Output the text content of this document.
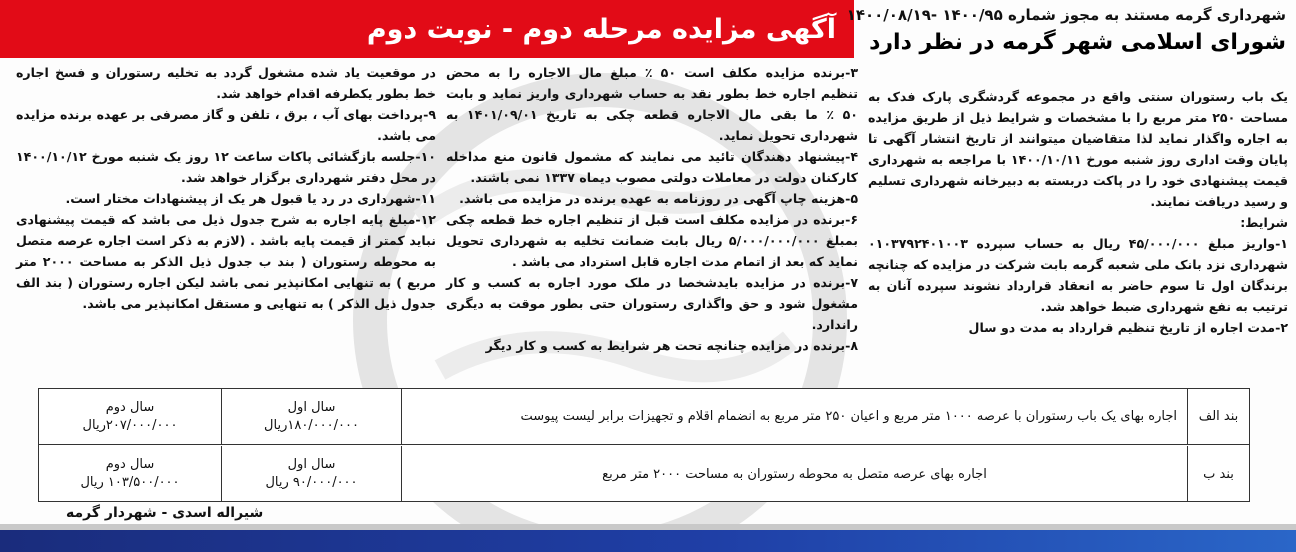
آگهی مزایده مرحله دوم - نوبت دوم شهرداری گرمه مستند به مجوز شماره ۱۴۰۰/۹۵ -۱۴۰۰/۰۸/۱۹
شورای اسلامی شهر گرمه در نظر دارد

یک باب رستوران سنتی واقع در مجموعه گردشگری پارک فدک به مساحت ۲۵۰ متر مربع را با مشخصات و شرایط ذیل از طریق مزایده به اجاره واگذار نماید لذا متقاضیان میتوانند از تاریخ انتشار آگهی تا پایان وقت اداری روز شنبه مورخ ۱۴۰۰/۱۰/۱۱ با مراجعه به شهرداری قیمت پیشنهادی خود را در پاکت دربسته به دبیرخانه شهرداری تسلیم و رسید دریافت نمایند.

شرایط:

۱-واریز مبلغ ۴۵/۰۰۰/۰۰۰ ریال به حساب سپرده ۰۱۰۳۷۹۲۴۰۱۰۰۳ شهرداری نزد بانک ملی شعبه گرمه بابت شرکت در مزایده که چنانچه برندگان اول تا سوم حاضر به انعقاد قرارداد نشوند سپرده آنان به ترتیب به نفع شهرداری ضبط خواهد شد.

۲-مدت اجاره از تاریخ تنظیم قرارداد به مدت دو سال

۳-برنده مزایده مکلف است ۵۰ ٪ مبلغ مال الاجاره را به محض تنظیم اجاره خط بطور نقد به حساب شهرداری واریز نماید و بابت ۵۰ ٪ ما بقی مال الاجاره قطعه چکی به تاریخ ۱۴۰۱/۰۹/۰۱ به شهرداری تحویل نماید.

۴-پیشنهاد دهندگان تائید می نمایند که مشمول قانون منع مداخله کارکنان دولت در معاملات دولتی مصوب دیماه ۱۳۳۷ نمی باشند.

۵-هزینه چاپ آگهی در روزنامه به عهده برنده در مزایده می باشد.

۶-برنده در مزایده مکلف است قبل از تنظیم اجاره خط قطعه چکی بمبلغ ۵/۰۰۰/۰۰۰/۰۰۰ ریال بابت ضمانت تخلیه به شهرداری تحویل نماید که بعد از اتمام مدت اجاره قابل استرداد می باشد .

۷-برنده در مزایده بایدشخصا در ملک مورد اجاره به کسب و کار مشغول شود و حق واگذاری رستوران حتی بطور موقت به دیگری راندارد.

۸-برنده در مزایده چنانچه تحت هر شرایط به کسب و کار دیگر

در موقعیت یاد شده مشغول گردد به تخلیه رستوران و فسخ اجاره خط بطور یکطرفه اقدام خواهد شد.

۹-پرداخت بهای آب ، برق ، تلفن و گاز مصرفی بر عهده برنده مزایده می باشد.

۱۰-جلسه بازگشائی پاکات ساعت ۱۲ روز یک شنبه مورخ ۱۴۰۰/۱۰/۱۲ در محل دفتر شهرداری برگزار خواهد شد.

۱۱-شهرداری در رد یا قبول هر یک از پیشنهادات مختار است.

۱۲-مبلغ پایه اجاره به شرح جدول ذیل می باشد که قیمت پیشنهادی نباید کمتر از قیمت پایه باشد . (لازم به ذکر است اجاره عرصه متصل به محوطه رستوران ( بند ب جدول ذیل الذکر به مساحت ۲۰۰۰ متر مربع ) به تنهایی امکانپذیر نمی باشد لیکن اجاره رستوران ( بند الف جدول ذیل الذکر ) به تنهایی و مستقل امکانپذیر می باشد.

بند الف
اجاره بهای یک باب رستوران با عرصه ۱۰۰۰ متر مربع و اعیان ۲۵۰ متر مربع به انضمام اقلام و تجهیزات برابر لیست پیوست
سال اول
۱۸۰/۰۰۰/۰۰۰ریال
سال دوم
۲۰۷/۰۰۰/۰۰۰ریال
بند ب
اجاره بهای عرصه متصل به محوطه رستوران به مساحت ۲۰۰۰ متر مربع
سال اول
۹۰/۰۰۰/۰۰۰ ریال
سال دوم
۱۰۳/۵۰۰/۰۰۰ ریال
شیراله اسدی - شهردار گرمه
